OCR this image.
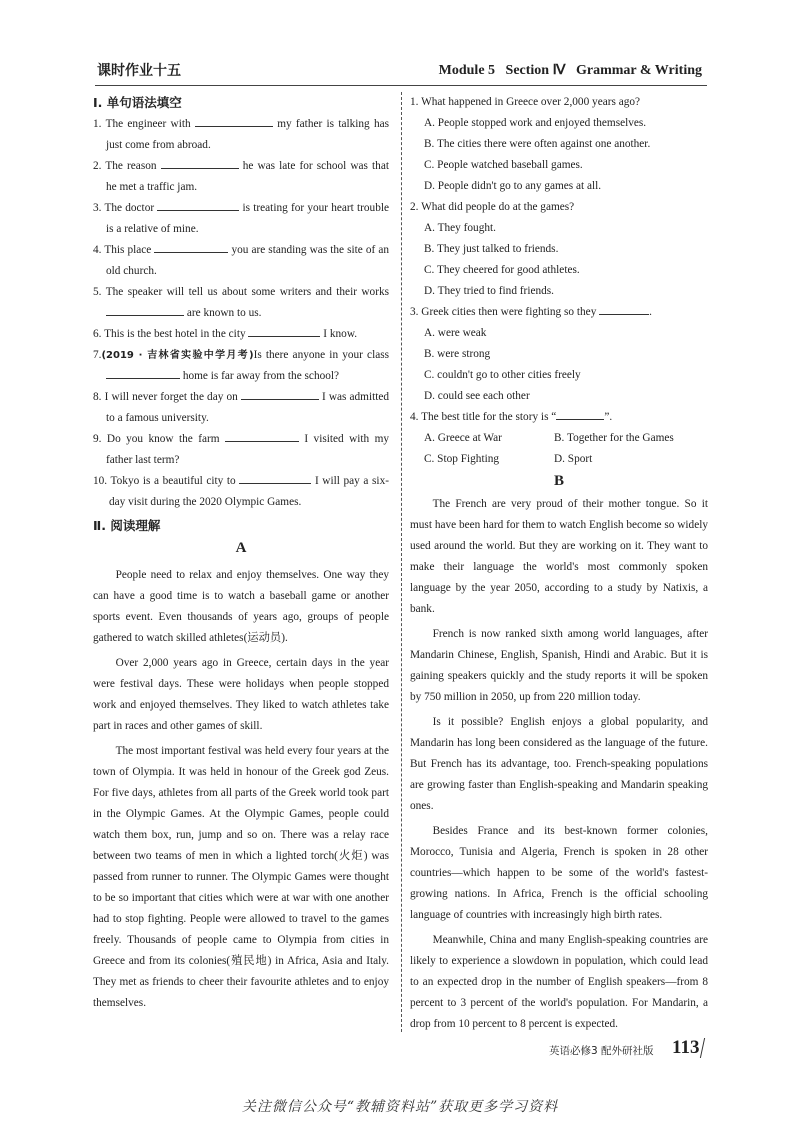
课时作业十五	Module 5   Section Ⅳ   Grammar & Writing
Ⅰ. 单句语法填空
1. The engineer with	my father is talking has just come from abroad.
2. The reason	he was late for school was that he met a traffic jam.
3. The doctor	is treating for your heart trouble is a relative of mine.
4. This place	you are standing was the site of an old church.
5. The speaker will tell us about some writers and their works  are known to us.
6. This is the best hotel in the city	I know.
7.(2019 · 吉林省实验中学月考)Is there anyone in your class  home is far away from the school?
8. I will never forget the day on	I was admitted to a famous university.
9. Do you know the farm	I visited with my father last term?
10. Tokyo is a beautiful city to	I will pay a six-day visit during the 2020 Olympic Games.
Ⅱ. 阅读理解
A

People need to relax and enjoy themselves. One way they can have a good time is to watch a baseball game or another sports event. Even thousands of years ago, groups of people gathered to watch skilled athletes(运动员).

Over 2,000 years ago in Greece, certain days in the year were festival days. These were holidays when people stopped work and enjoyed themselves. They liked to watch athletes take part in races and other games of skill.

The most important festival was held every four years at the town of Olympia. It was held in honour of the Greek god Zeus. For five days, athletes from all parts of the Greek world took part in the Olympic Games. At the Olympic Games, people could watch them box, run, jump and so on. There was a relay race between two teams of men in which a lighted torch(火炬) was passed from runner to runner. The Olympic Games were thought to be so important that cities which were at war with one another had to stop fighting. People were allowed to travel to the games freely. Thousands of people came to Olympia from cities in Greece and from its colonies(殖民地) in Africa, Asia and Italy. They met as friends to cheer their favourite athletes and to enjoy themselves.

1. What happened in Greece over 2,000 years ago?
A. People stopped work and enjoyed themselves.
B. The cities there were often against one another.
C. People watched baseball games.
D. People didn't go to any games at all.
2. What did people do at the games?
A. They fought.
B. They just talked to friends.
C. They cheered for good athletes.
D. They tried to find friends.
3. Greek cities then were fighting so they	.
A. were weak
B. were strong
C. couldn't go to other cities freely
D. could see each other
4. The best title for the story is “	”.
A. Greece at War	B. Together for the Games
C. Stop Fighting	D. Sport
B

The French are very proud of their mother tongue. So it must have been hard for them to watch English become so widely used around the world. But they are working on it. They want to make their language the world's most commonly spoken language by the year 2050, according to a study by Natixis, a bank.

French is now ranked sixth among world languages, after Mandarin Chinese, English, Spanish, Hindi and Arabic. But it is gaining speakers quickly and the study reports it will be spoken by 750 million in 2050, up from 220 million today.

Is it possible? English enjoys a global popularity, and Mandarin has long been considered as the language of the future. But French has its advantage, too. French-speaking populations are growing faster than English-speaking and Mandarin speaking ones.

Besides France and its best-known former colonies, Morocco, Tunisia and Algeria, French is spoken in 28 other countries—which happen to be some of the world's fastest-growing nations. In Africa, French is the official schooling language of countries with increasingly high birth rates.

Meanwhile, China and many English-speaking countries are likely to experience a slowdown in population, which could lead to an expected drop in the number of English speakers—from 8 percent to 3 percent of the world's population. For Mandarin, a drop from 10 percent to 8 percent is expected.

英语必修3 配外研社版 113
关注微信公众号“教辅资料站”获取更多学习资料
